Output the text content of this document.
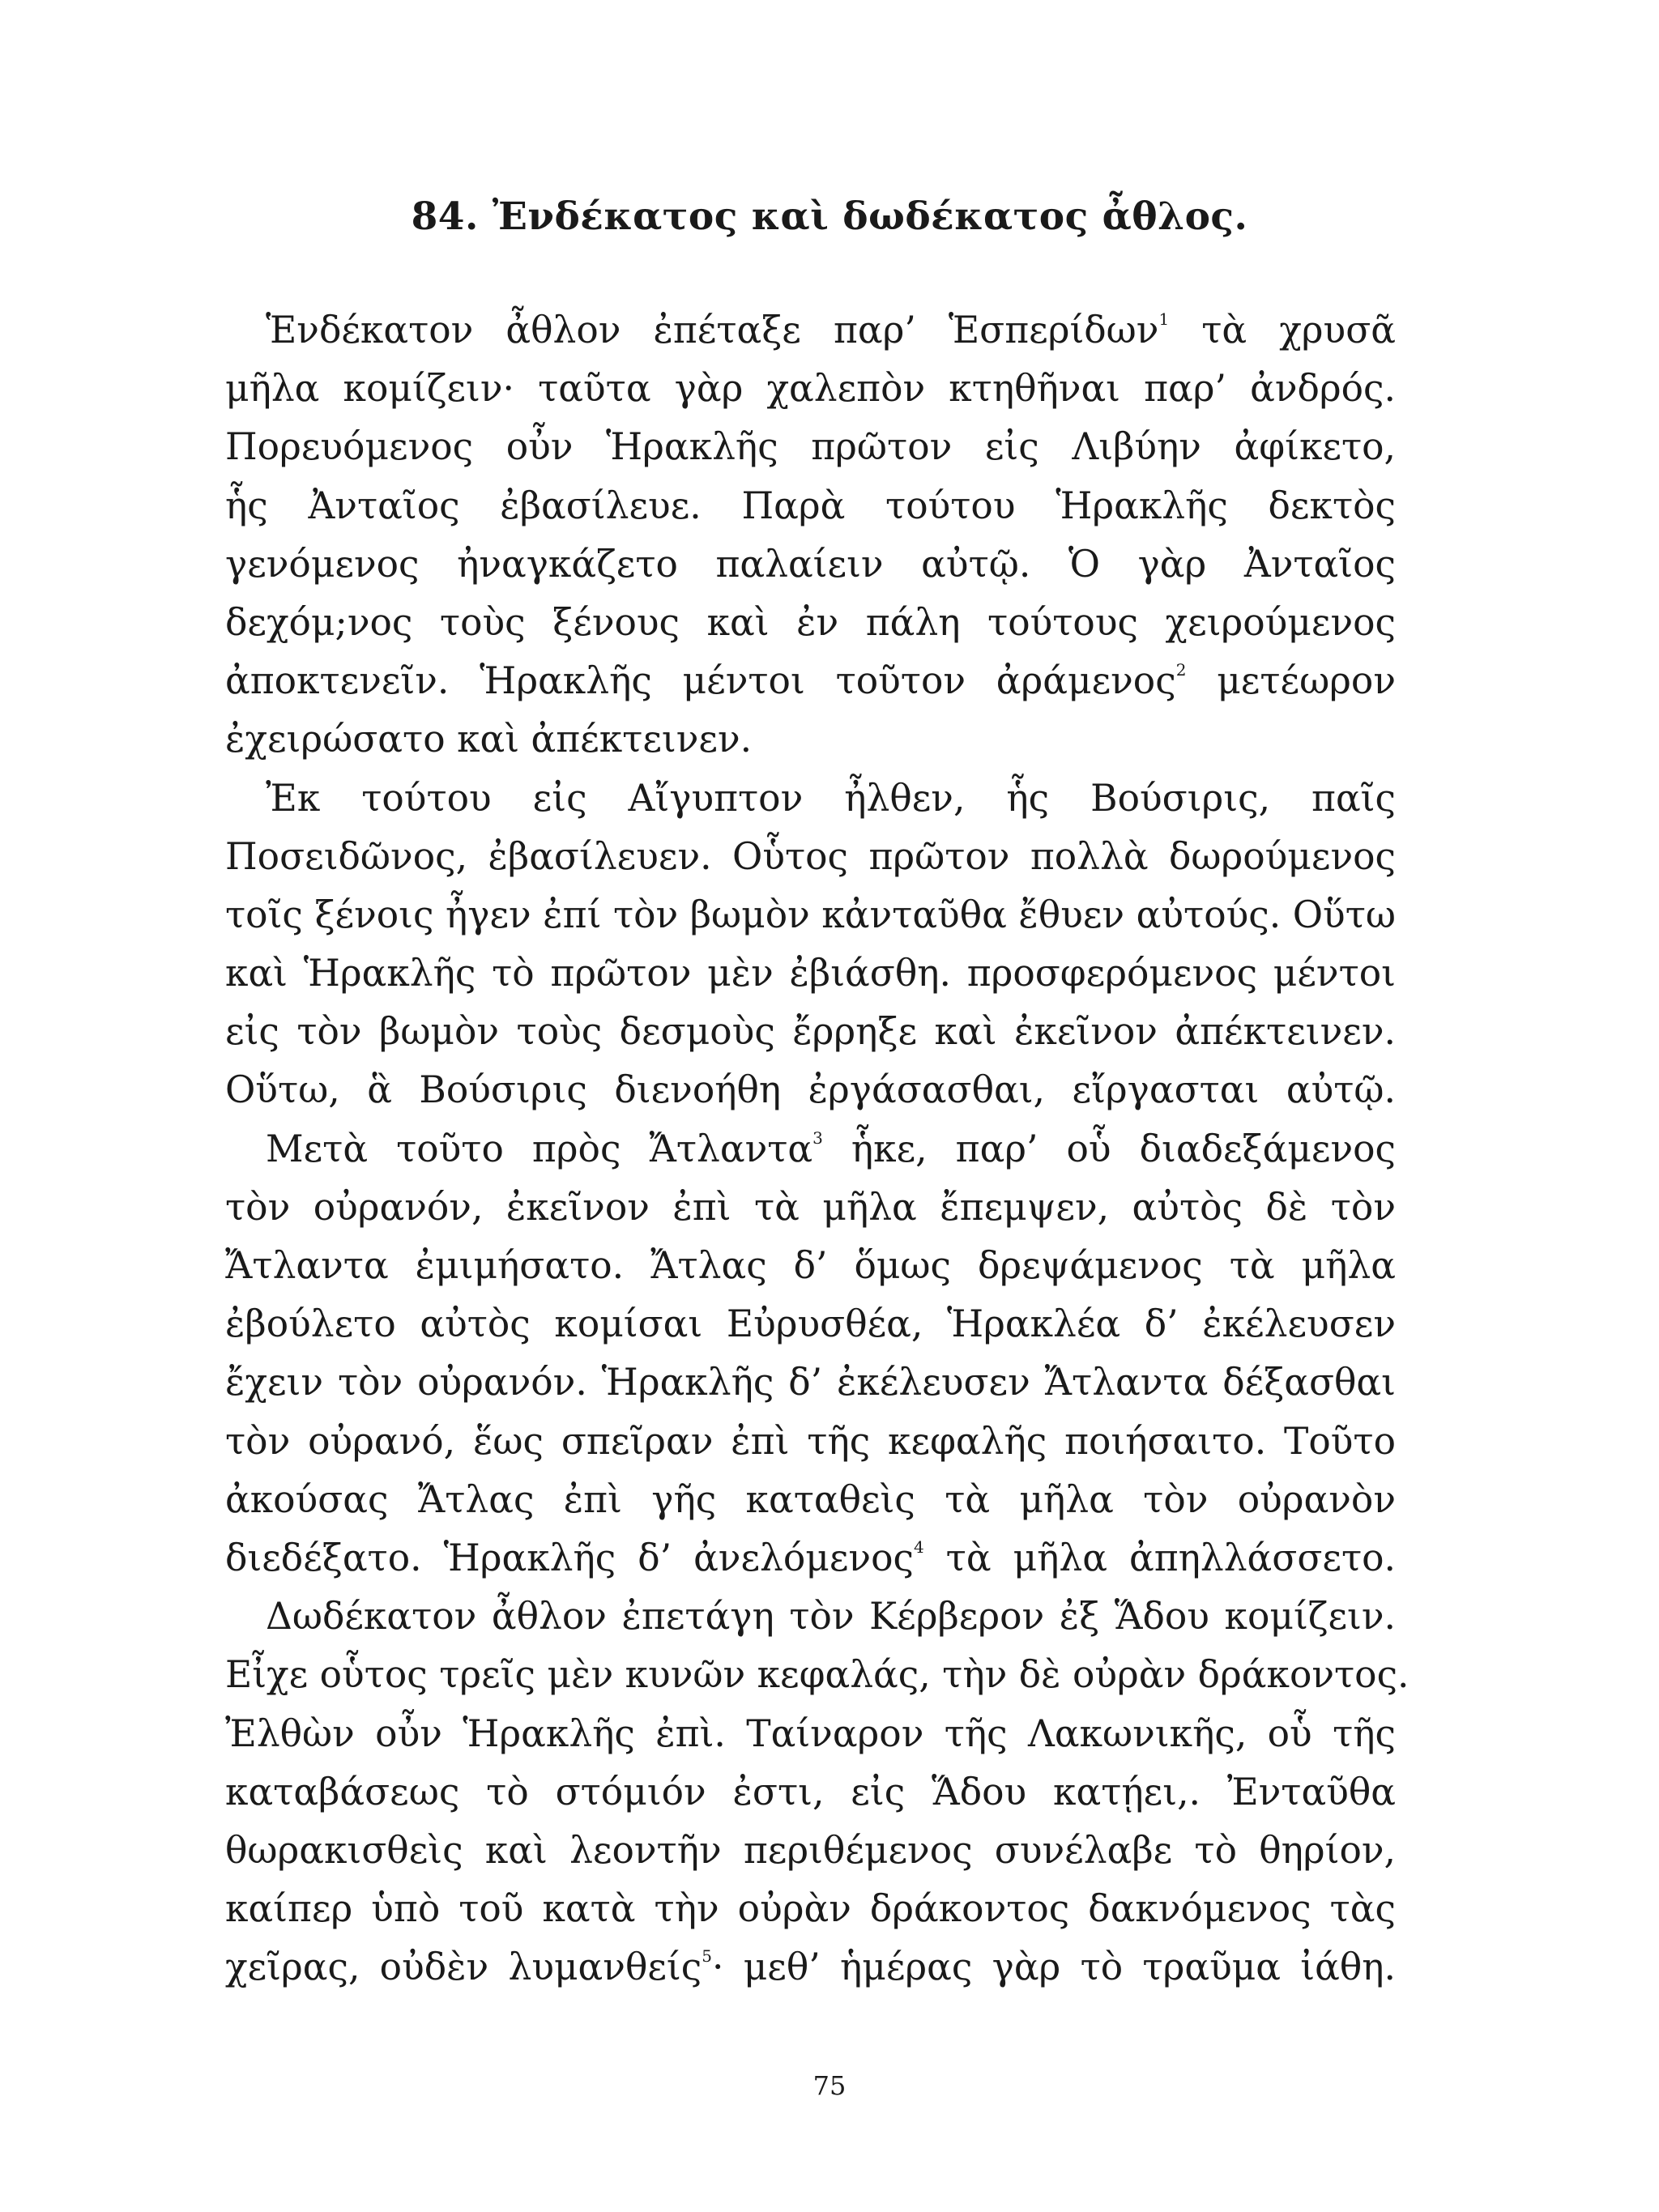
84. Ἐνδέκατος καὶ δωδέκατος ἆθλος.
Ἑνδέκατον ἆθλον ἐπέταξε παρ’ Ἑσπερίδων$^1$ τὰ χρυσᾶ
μῆλα κομίζειν· ταῦτα γὰρ χαλεπὸν κτηθῆναι παρ’ ἀνδρός.
Πορευόμενος οὖν Ἡρακλῆς πρῶτον εἰς Λιβύην ἀφίκετο,
ἧς Ἀνταῖος ἐβασίλευε. Παρὰ τούτου Ἡρακλῆς δεκτὸς
γενόμενος ἠναγκάζετο παλαίειν αὐτῷ. Ὁ γὰρ Ἀνταῖος
δεχόμ;νος τοὺς ξένους καὶ ἐν πάλη τούτους χειρούμενος
ἀποκτενεῖν. Ἡρακλῆς μέντοι τοῦτον ἀράμενος$^2$ μετέωρον
ἐχειρώσατο καὶ ἀπέκτεινεν.
Ἐκ τούτου εἰς Αἴγυπτον ἦλθεν, ἧς Βούσιρις, παῖς
Ποσειδῶνος, ἐβασίλευεν. Οὗτος πρῶτον πολλὰ δωρούμενος
τοῖς ξένοις ἦγεν ἐπί τὸν βωμὸν κἀνταῦθα ἔθυεν αὐτούς. Οὕτω
καὶ Ἡρακλῆς τὸ πρῶτον μὲν ἐβιάσθη. προσφερόμενος μέντοι
εἰς τὸν βωμὸν τοὺς δεσμοὺς ἔρρηξε καὶ ἐκεῖνον ἀπέκτεινεν.
Οὕτω, ἃ Βούσιρις διενοήθη ἐργάσασθαι, εἴργασται αὐτῷ.
Μετὰ τοῦτο πρὸς Ἄτλαντα$^3$ ἧκε, παρ’ οὗ διαδεξάμενος
τὸν οὐρανόν, ἐκεῖνον ἐπὶ τὰ μῆλα ἔπεμψεν, αὐτὸς δὲ τὸν
Ἄτλαντα ἐμιμήσατο. Ἄτλας δ’ ὅμως δρεψάμενος τὰ μῆλα
ἐβούλετο αὐτὸς κομίσαι Εὐρυσθέα, Ἡρακλέα δ’ ἐκέλευσεν
ἔχειν τὸν οὐρανόν. Ἡρακλῆς δ’ ἐκέλευσεν Ἄτλαντα δέξασθαι
τὸν οὐρανό, ἕως σπεῖραν ἐπὶ τῆς κεφαλῆς ποιήσαιτο. Τοῦτο
ἀκούσας Ἄτλας ἐπὶ γῆς καταθεὶς τὰ μῆλα τὸν οὐρανὸν
διεδέξατο. Ἡρακλῆς δ’ ἀνελόμενος$^4$ τὰ μῆλα ἀπηλλάσσετο.
Δωδέκατον ἆθλον ἐπετάγη τὸν Κέρβερον ἐξ Ἅδου κομίζειν.
Εἶχε οὗτος τρεῖς μὲν κυνῶν κεφαλάς, τὴν δὲ οὐρὰν δράκοντος.
Ἐλθὼν οὖν Ἡρακλῆς ἐπὶ. Ταίναρον τῆς Λακωνικῆς, οὗ τῆς
καταβάσεως τὸ στόμιόν ἐστι, εἰς Ἅδου κατῄει,. Ἐνταῦθα
θωρακισθεὶς καὶ λεοντῆν περιθέμενος συνέλαβε τὸ θηρίον,
καίπερ ὑπὸ τοῦ κατὰ τὴν οὐρὰν δράκοντος δακνόμενος τὰς
χεῖρας, οὐδὲν λυμανθείς$^5$· μεθ’ ἡμέρας γὰρ τὸ τραῦμα ἰάθη.
75
